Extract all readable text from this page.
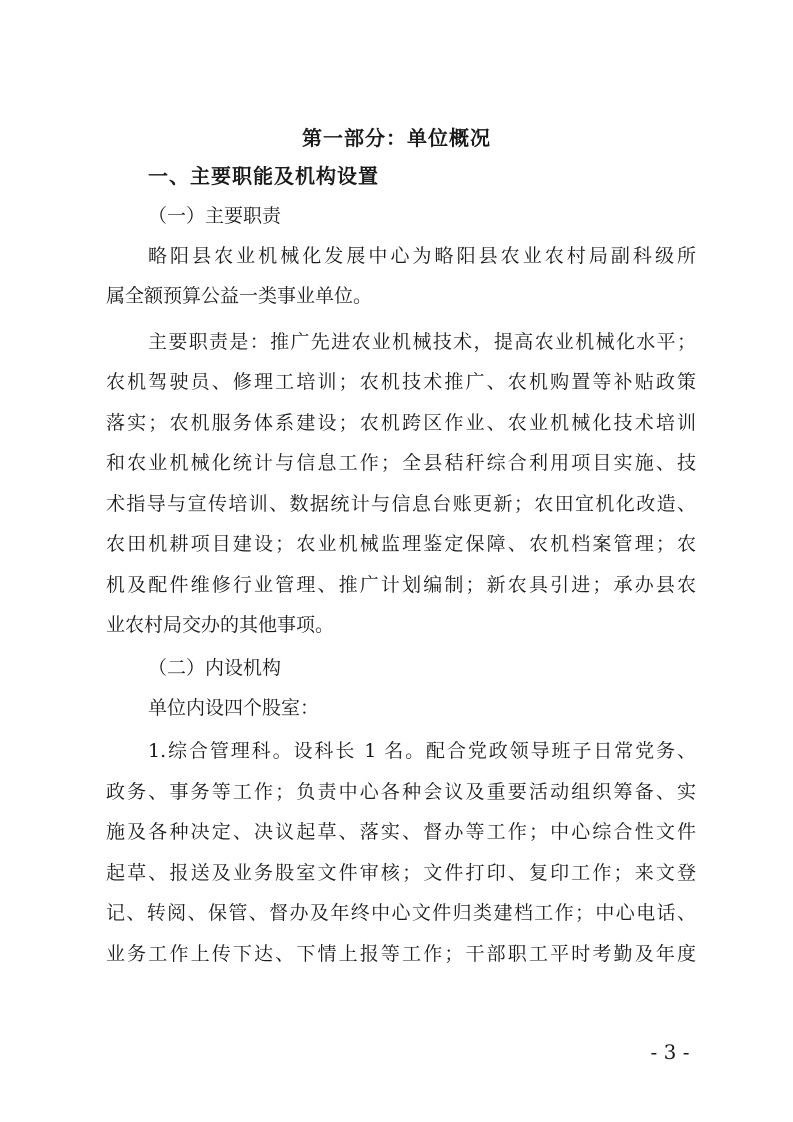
第一部分：单位概况
一、主要职能及机构设置
（一）主要职责
略阳县农业机械化发展中心为略阳县农业农村局副科级所
属全额预算公益一类事业单位。
主要职责是：推广先进农业机械技术，提高农业机械化水平；
农机驾驶员、修理工培训；农机技术推广、农机购置等补贴政策
落实；农机服务体系建设；农机跨区作业、农业机械化技术培训
和农业机械化统计与信息工作；全县秸秆综合利用项目实施、技
术指导与宣传培训、数据统计与信息台账更新；农田宜机化改造、
农田机耕项目建设；农业机械监理鉴定保障、农机档案管理；农
机及配件维修行业管理、推广计划编制；新农具引进；承办县农
业农村局交办的其他事项。
（二）内设机构
单位内设四个股室：
1.综合管理科。设科长 1 名。配合党政领导班子日常党务、
政务、事务等工作；负责中心各种会议及重要活动组织筹备、实
施及各种决定、决议起草、落实、督办等工作；中心综合性文件
起草、报送及业务股室文件审核；文件打印、复印工作；来文登
记、转阅、保管、督办及年终中心文件归类建档工作；中心电话、
业务工作上传下达、下情上报等工作；干部职工平时考勤及年度
- 3 -
